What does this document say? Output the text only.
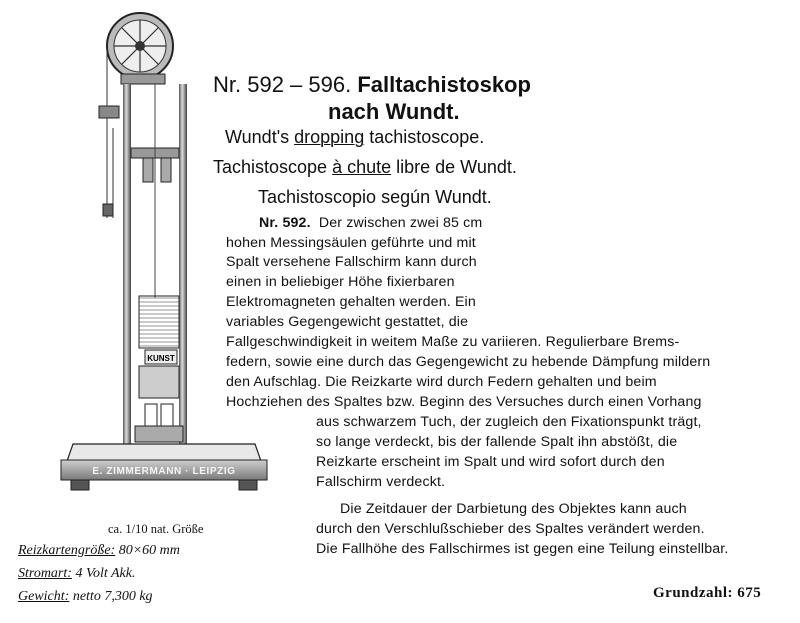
KUNST
E. ZIMMERMANN · LEIPZIG
ca. 1/10 nat. Größe
Nr. 592 – 596. Falltachistoskop
nach Wundt.
Wundt's dropping tachistoscope.
Tachistoscope à chute libre de Wundt.
Tachistoscopio según Wundt.
Nr. 592. Der zwischen zwei 85 cm
hohen Messingsäulen geführte und mit
Spalt versehene Fallschirm kann durch
einen in beliebiger Höhe fixierbaren
Elektromagneten gehalten werden. Ein
variables Gegengewicht gestattet, die
Fallgeschwindigkeit in weitem Maße zu variieren. Regulierbare Brems-
federn, sowie eine durch das Gegengewicht zu hebende Dämpfung mildern
den Aufschlag. Die Reizkarte wird durch Federn gehalten und beim
Hochziehen des Spaltes bzw. Beginn des Versuches durch einen Vorhang
aus schwarzem Tuch, der zugleich den Fixationspunkt trägt,
so lange verdeckt, bis der fallende Spalt ihn abstößt, die
Reizkarte erscheint im Spalt und wird sofort durch den
Fallschirm verdeckt.
Die Zeitdauer der Darbietung des Objektes kann auch
durch den Verschlußschieber des Spaltes verändert werden.
Die Fallhöhe des Fallschirmes ist gegen eine Teilung einstellbar.
Reizkartengröße: 80×60 mm
Stromart: 4 Volt Akk.
Gewicht: netto 7,300 kg	Grundzahl: 675
